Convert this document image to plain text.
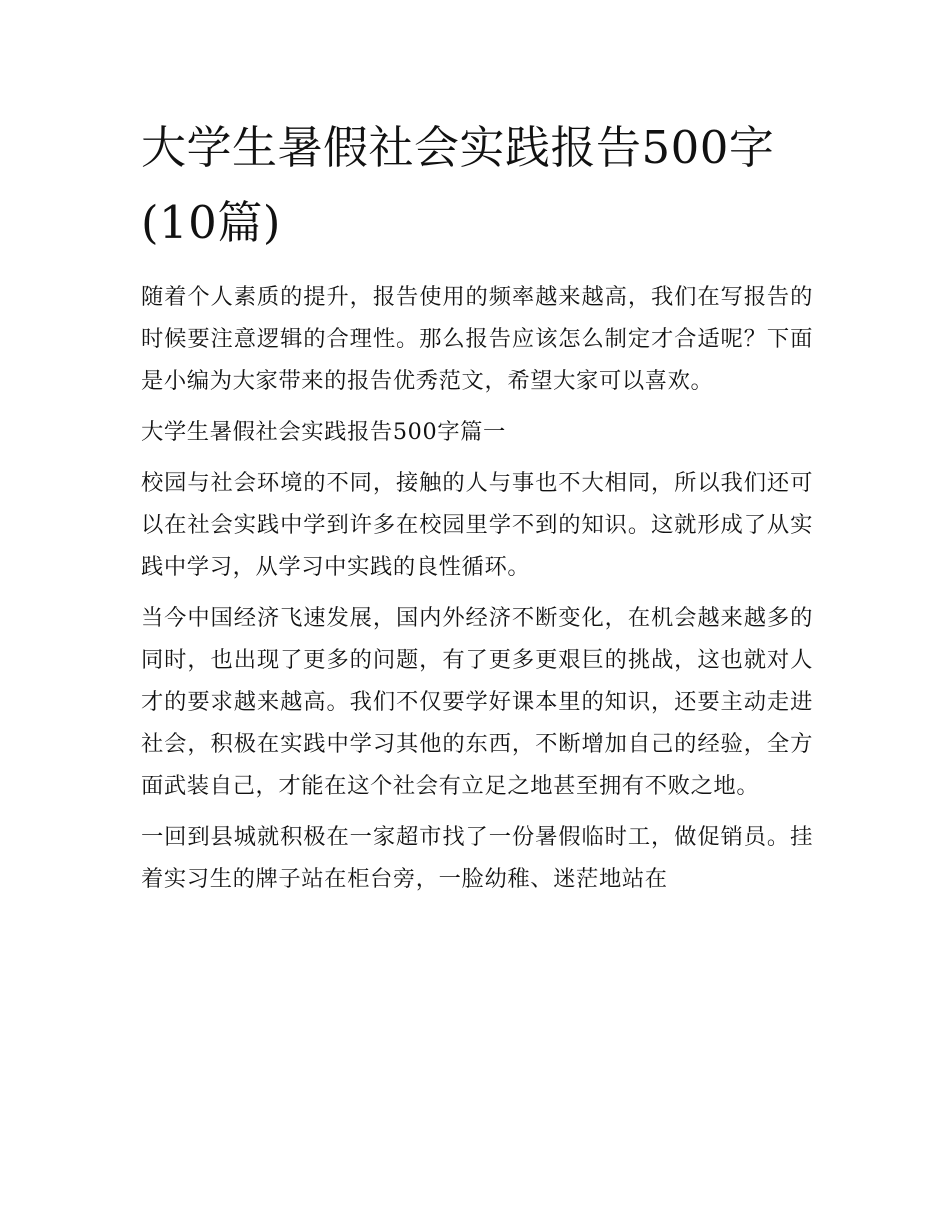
大学生暑假社会实践报告500字(10篇)

随着个人素质的提升，报告使用的频率越来越高，我们在写报告的时候要注意逻辑的合理性。那么报告应该怎么制定才合适呢？下面是小编为大家带来的报告优秀范文，希望大家可以喜欢。

大学生暑假社会实践报告500字篇一

校园与社会环境的不同，接触的人与事也不大相同，所以我们还可以在社会实践中学到许多在校园里学不到的知识。这就形成了从实践中学习，从学习中实践的良性循环。

当今中国经济飞速发展，国内外经济不断变化，在机会越来越多的同时，也出现了更多的问题，有了更多更艰巨的挑战，这也就对人才的要求越来越高。我们不仅要学好课本里的知识，还要主动走进社会，积极在实践中学习其他的东西，不断增加自己的经验，全方面武装自己，才能在这个社会有立足之地甚至拥有不败之地。

一回到县城就积极在一家超市找了一份暑假临时工，做促销员。挂着实习生的牌子站在柜台旁，一脸幼稚、迷茫地站在
